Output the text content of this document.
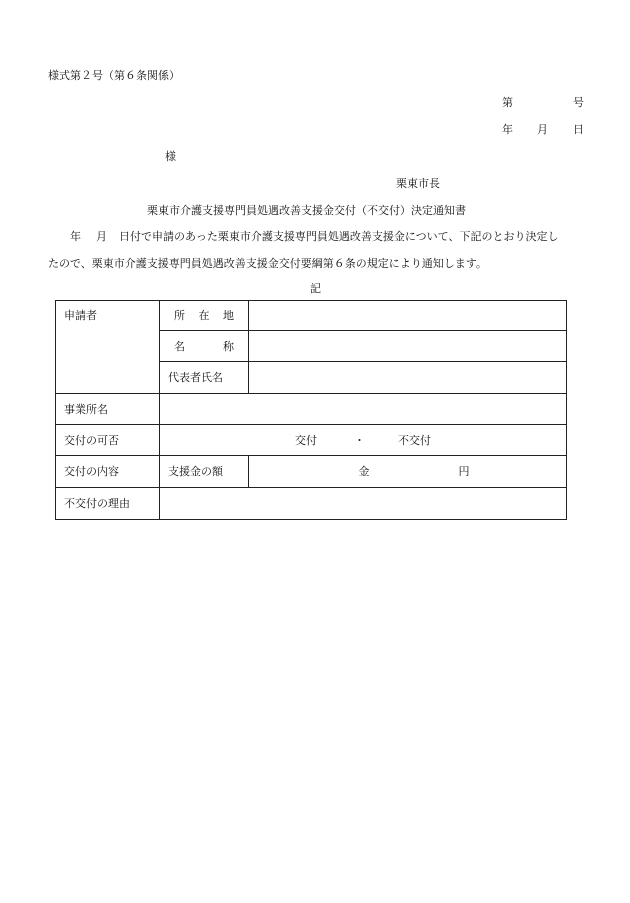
様式第２号（第６条関係）
第	号
年 月 日
様
栗東市長
栗東市介護支援専門員処遇改善支援金交付（不交付）決定通知書
年 月 日付で申請のあった栗東市介護支援専門員処遇改善支援金について、下記のとおり決定し
たので、栗東市介護支援専門員処遇改善支援金交付要綱第６条の規定により通知します。
記
申請者	所 在 地	

	名 称	

	代表者氏名	
事業所名		
交付の可否	交付 ・ 不交付	
交付の内容	支援金の額	金 円
不交付の理由		
